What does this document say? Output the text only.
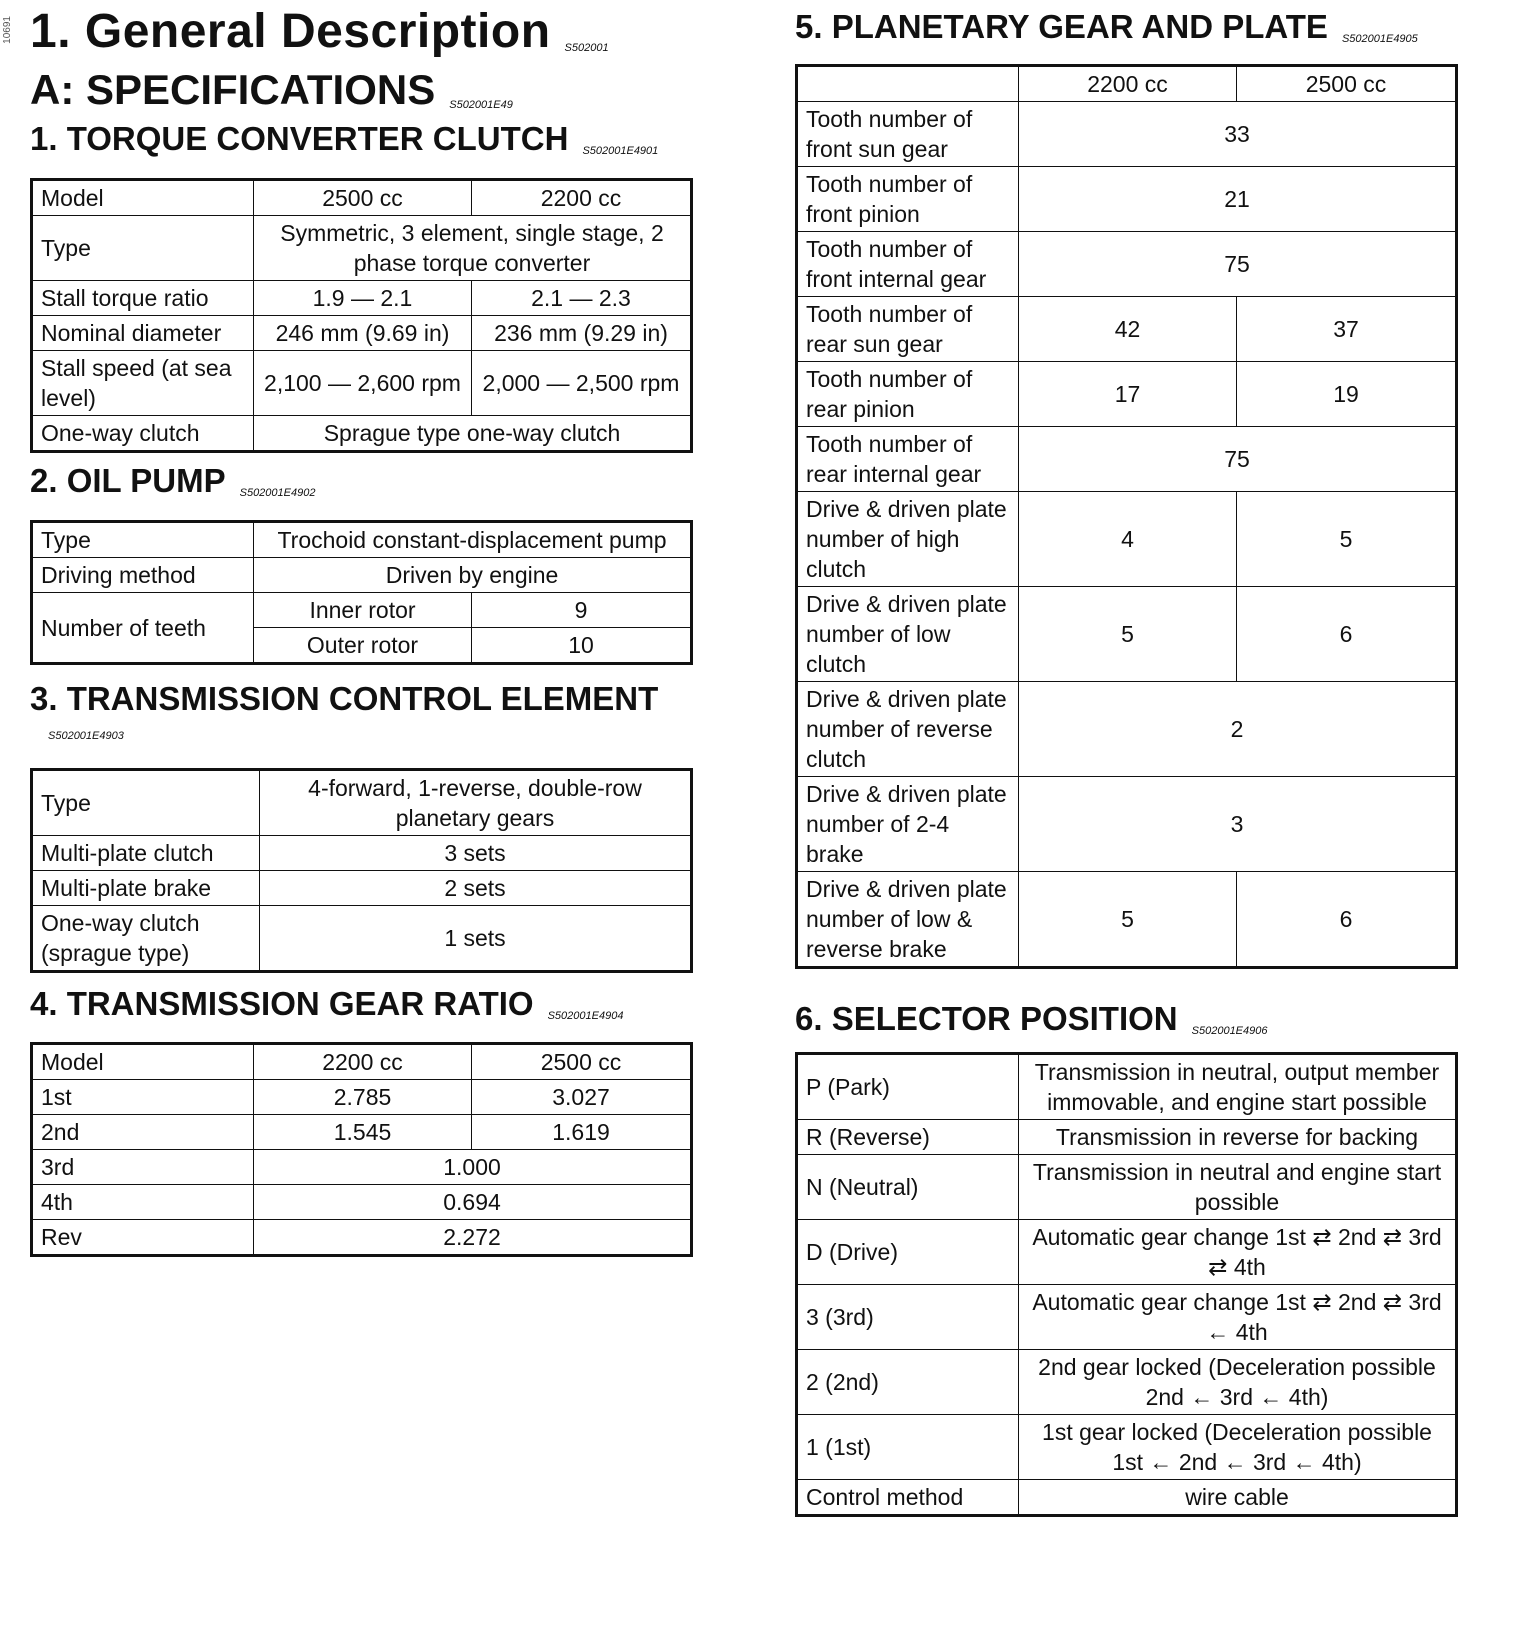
10691 1. General Description S502001
A: SPECIFICATIONS S502001E49
1. TORQUE CONVERTER CLUTCH S502001E4901
Model	2500 cc	2200 cc
Type	Symmetric, 3 element, single stage, 2 phase torque converter	
Stall torque ratio	1.9 — 2.1	2.1 — 2.3
Nominal diameter	246 mm (9.69 in)	236 mm (9.29 in)
Stall speed (at sea level)	2,100 — 2,600 rpm	2,000 — 2,500 rpm
One-way clutch	Sprague type one-way clutch	
2. OIL PUMP S502001E4902
Type	Trochoid constant-displacement pump	
Driving method	Driven by engine	
Number of teeth	Inner rotor	9
	Outer rotor	10
3. TRANSMISSION CONTROL ELEMENT
S502001E4903
Type	4-forward, 1-reverse, double-row planetary gears
Multi-plate clutch	3 sets
Multi-plate brake	2 sets
One-way clutch (sprague type)	1 sets
4. TRANSMISSION GEAR RATIO S502001E4904
Model	2200 cc	2500 cc
1st	2.785	3.027
2nd	1.545	1.619
3rd	1.000	
4th	0.694	
Rev	2.272	
5. PLANETARY GEAR AND PLATE S502001E4905
	2200 cc	2500 cc
Tooth number of front sun gear	33	
Tooth number of front pinion	21	
Tooth number of front internal gear	75	
Tooth number of rear sun gear	42	37
Tooth number of rear pinion	17	19
Tooth number of rear internal gear	75	
Drive & driven plate number of high clutch	4	5
Drive & driven plate number of low clutch	5	6
Drive & driven plate number of reverse clutch	2	
Drive & driven plate number of 2-4 brake	3	
Drive & driven plate number of low & reverse brake	5	6
6. SELECTOR POSITION S502001E4906
P (Park)	Transmission in neutral, output member immovable, and engine start possible
R (Reverse)	Transmission in reverse for backing
N (Neutral)	Transmission in neutral and engine start possible
D (Drive)	Automatic gear change 1st ⇄ 2nd ⇄ 3rd ⇄ 4th
3 (3rd)	Automatic gear change 1st ⇄ 2nd ⇄ 3rd ← 4th
2 (2nd)	2nd gear locked (Deceleration possible 2nd ← 3rd ← 4th)
1 (1st)	1st gear locked (Deceleration possible 1st ← 2nd ← 3rd ← 4th)
Control method	wire cable
